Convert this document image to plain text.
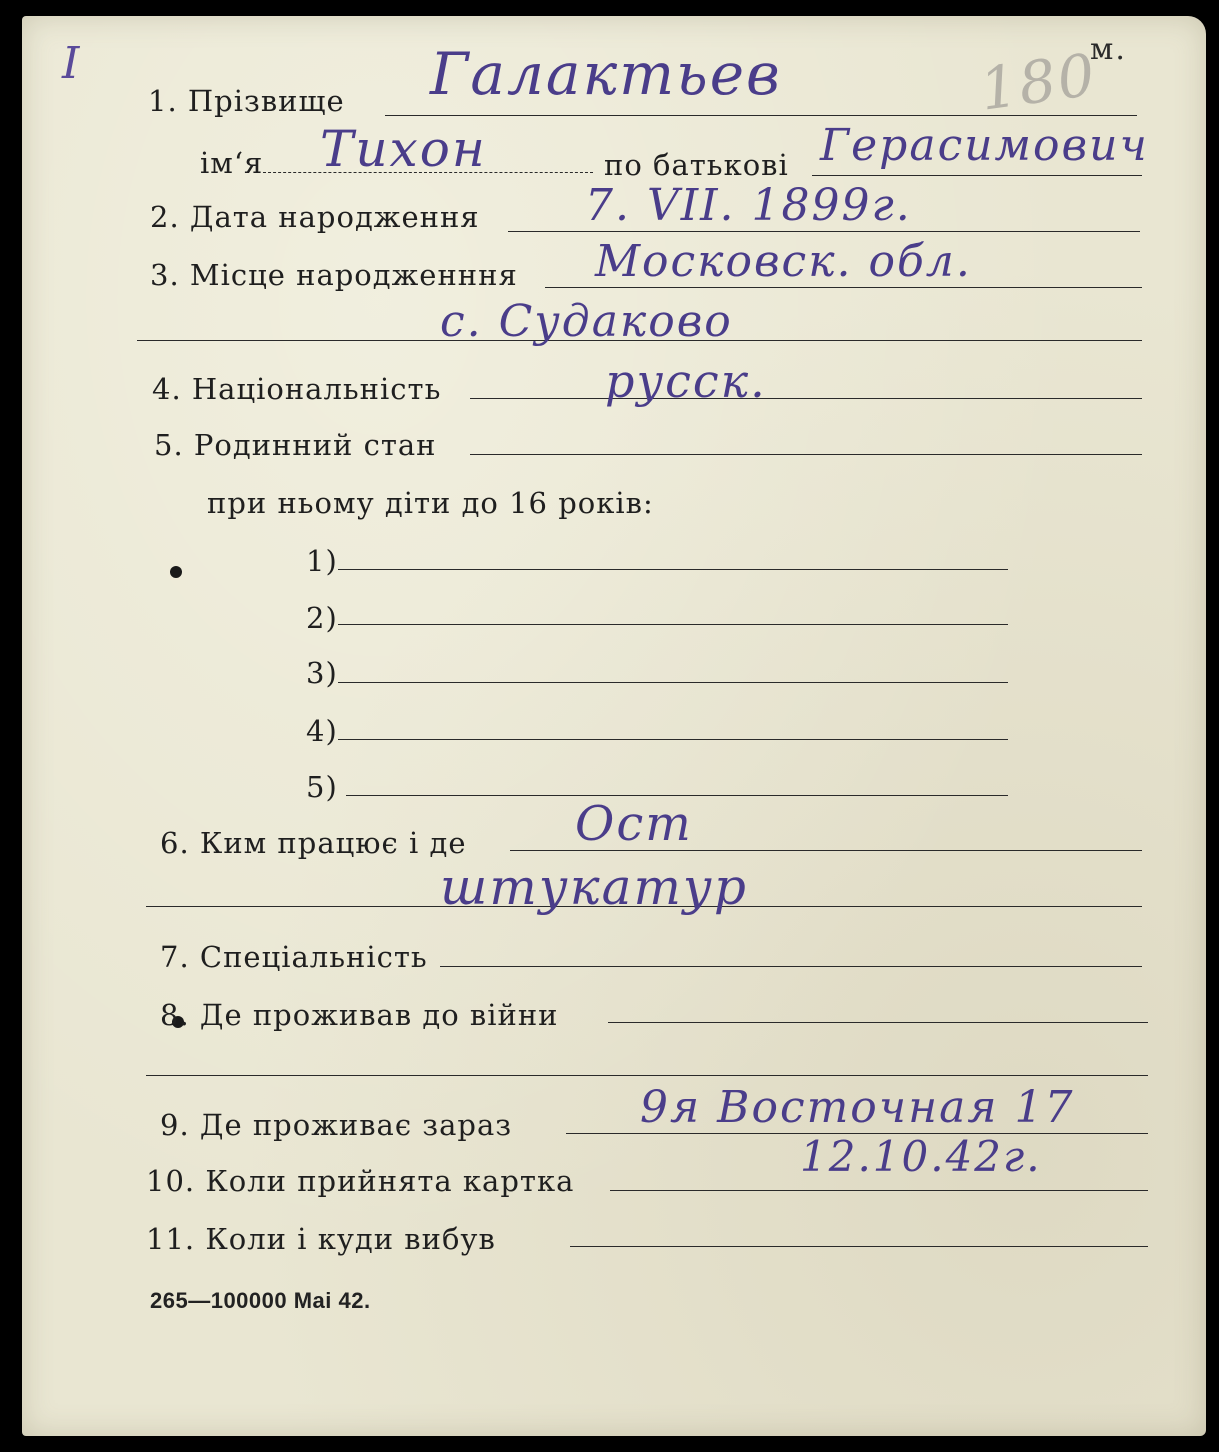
I	180
м.
1. Прізвище Галактьев
ім‘я Тихон	по батькові Герасимович
2. Дата народження 7. VII. 1899г.
3. Місце народженння Московск. обл.
с. Судаково
4. Національність	русск.
5. Родинний стан
при ньому діти до 16 років:
1)
2)
3)
4)
5)
6. Ким працює і де Ост
штукатур
7. Спеціальність
8. Де проживав до війни
9. Де проживає зараз	9я Восточная 17
10. Коли прийнята картка	12.10.42г.
11. Коли і куди вибув
265—100000 Mai 42.
